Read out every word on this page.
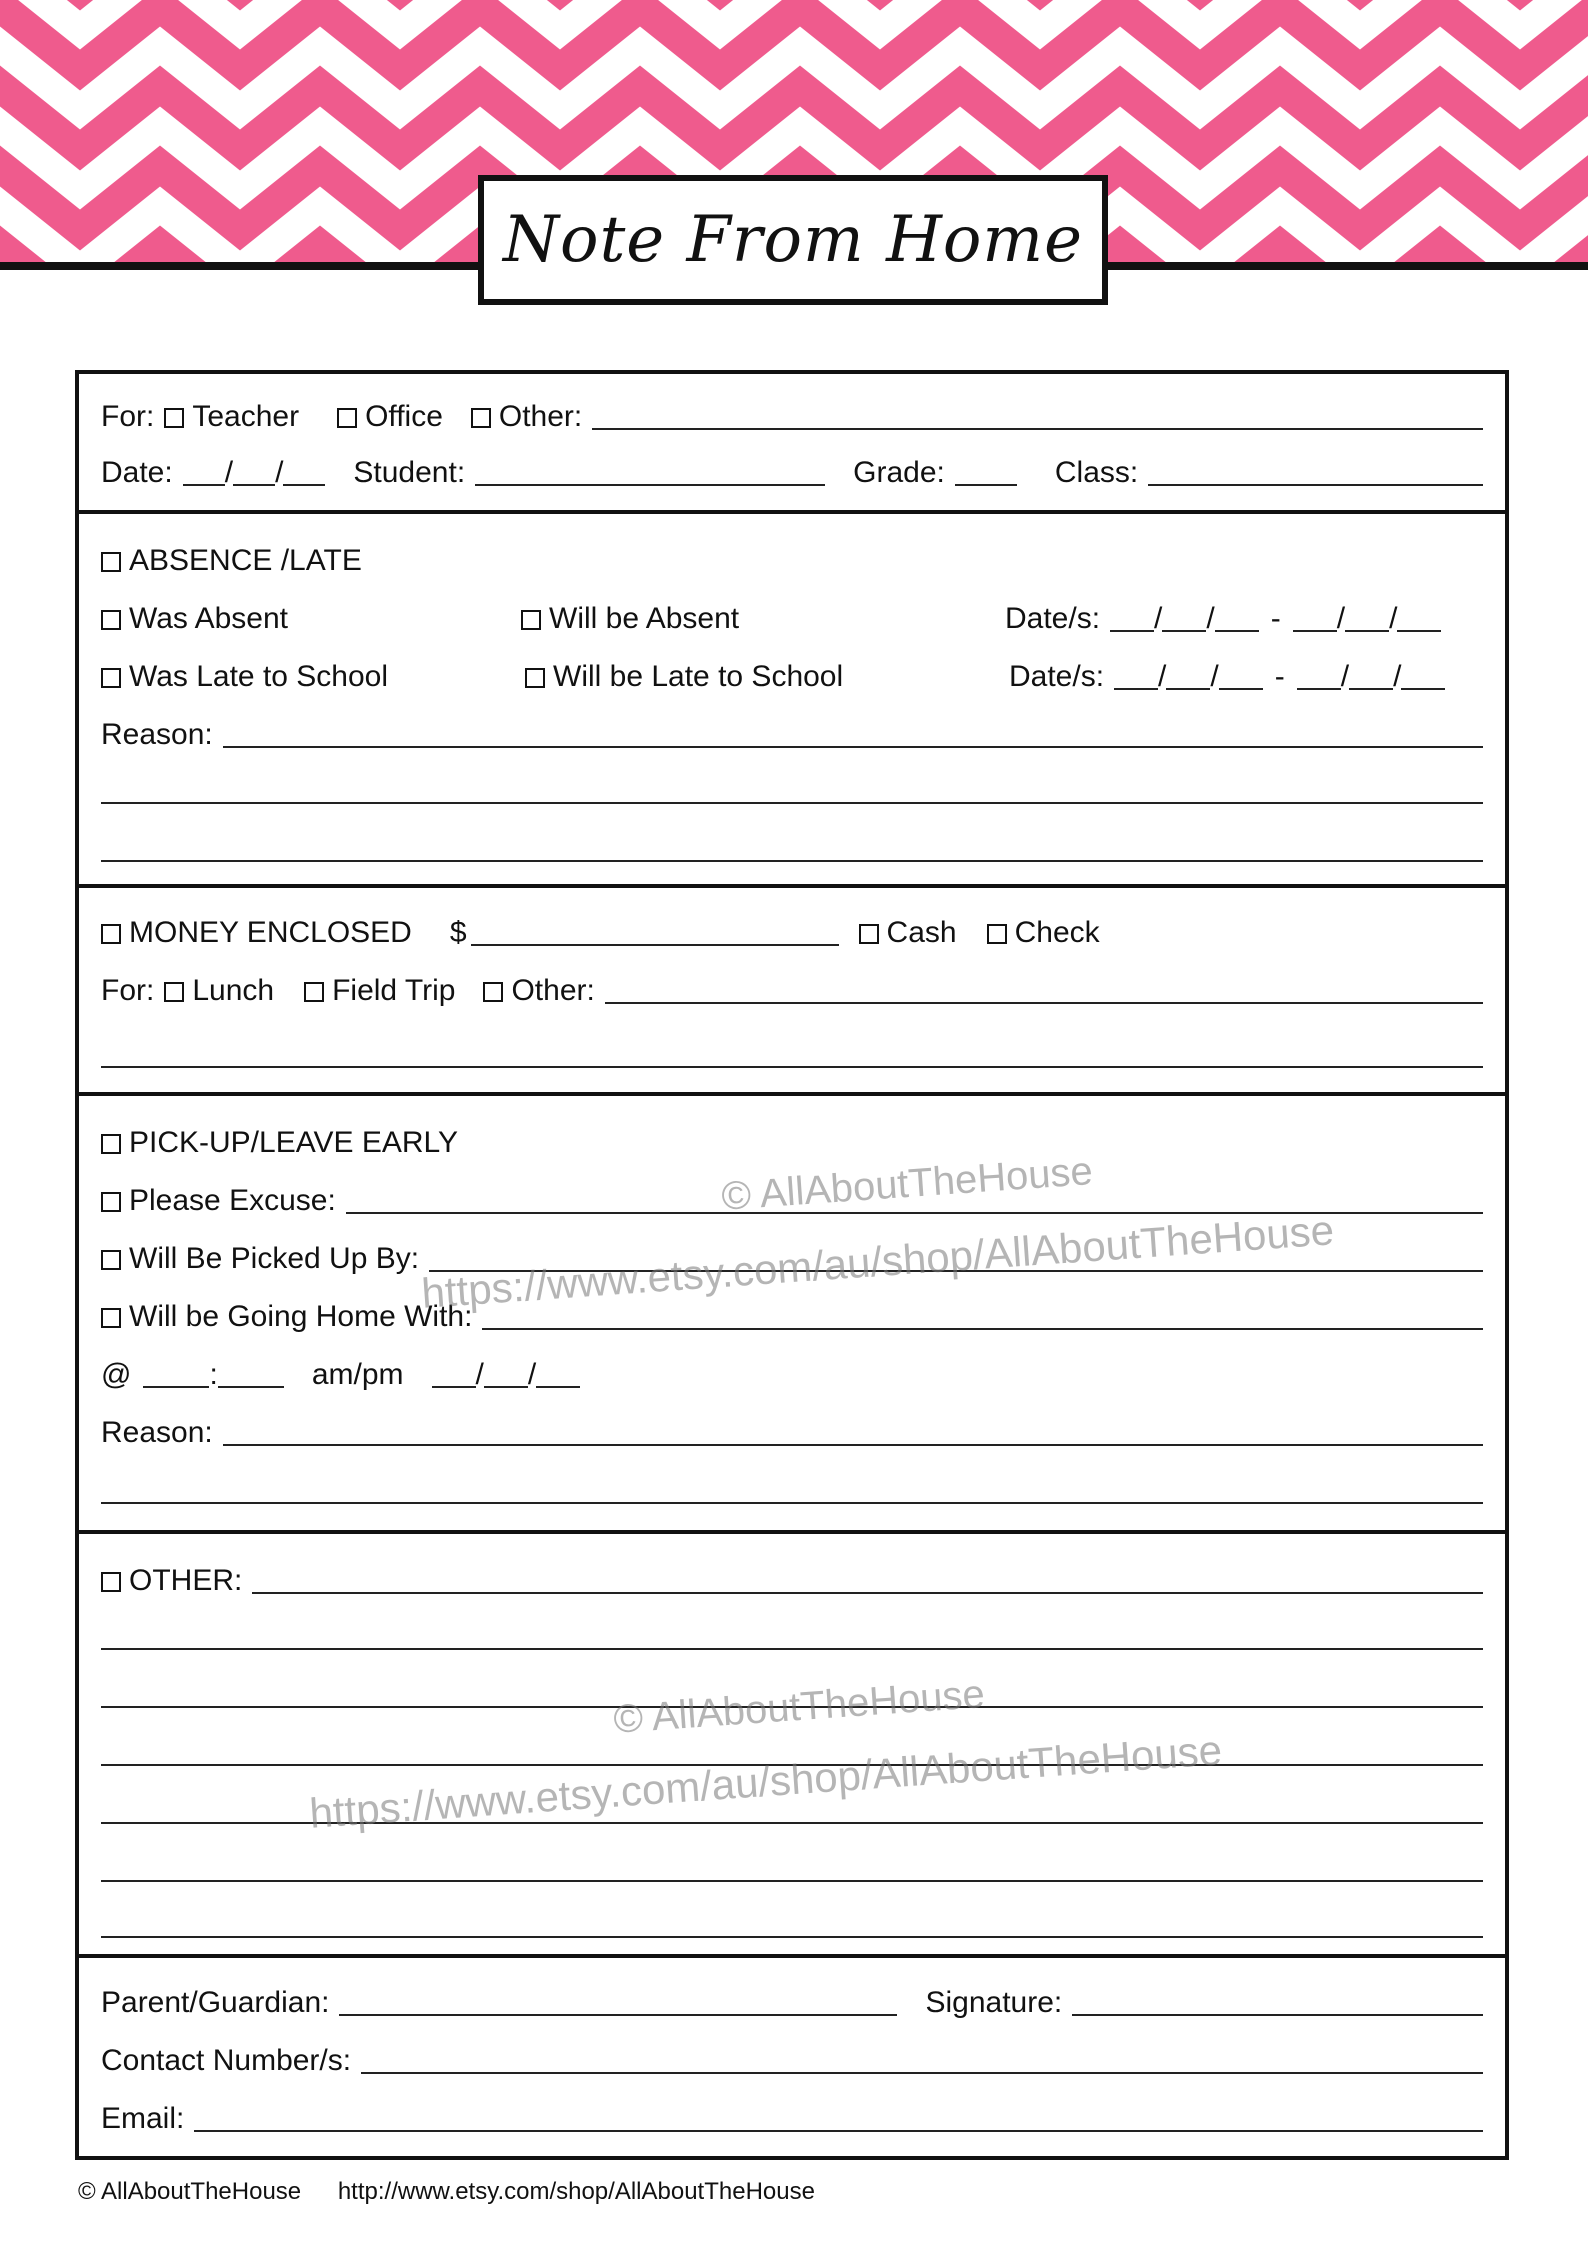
Note From Home
For: Teacher Office Other:
Date: / / Student:	Grade:	Class:
ABSENCE /LATE
Was Absent	Will be Absent	Date/s: / / - / /
Was Late to School	Will be Late to School	Date/s: / / - / /
Reason:
MONEY ENCLOSED $	Cash Check
For: Lunch Field Trip Other:
PICK-UP/LEAVE EARLY
Please Excuse:
Will Be Picked Up By:
Will be Going Home With:
@	:	am/pm / /
Reason:
OTHER:
Parent/Guardian:	Signature:
Contact Number/s:
Email:
© AllAboutTheHouse
https://www.etsy.com/au/shop/AllAboutTheHouse
© AllAboutTheHouse
https://www.etsy.com/au/shop/AllAboutTheHouse
© AllAboutTheHouse http://www.etsy.com/shop/AllAboutTheHouse
